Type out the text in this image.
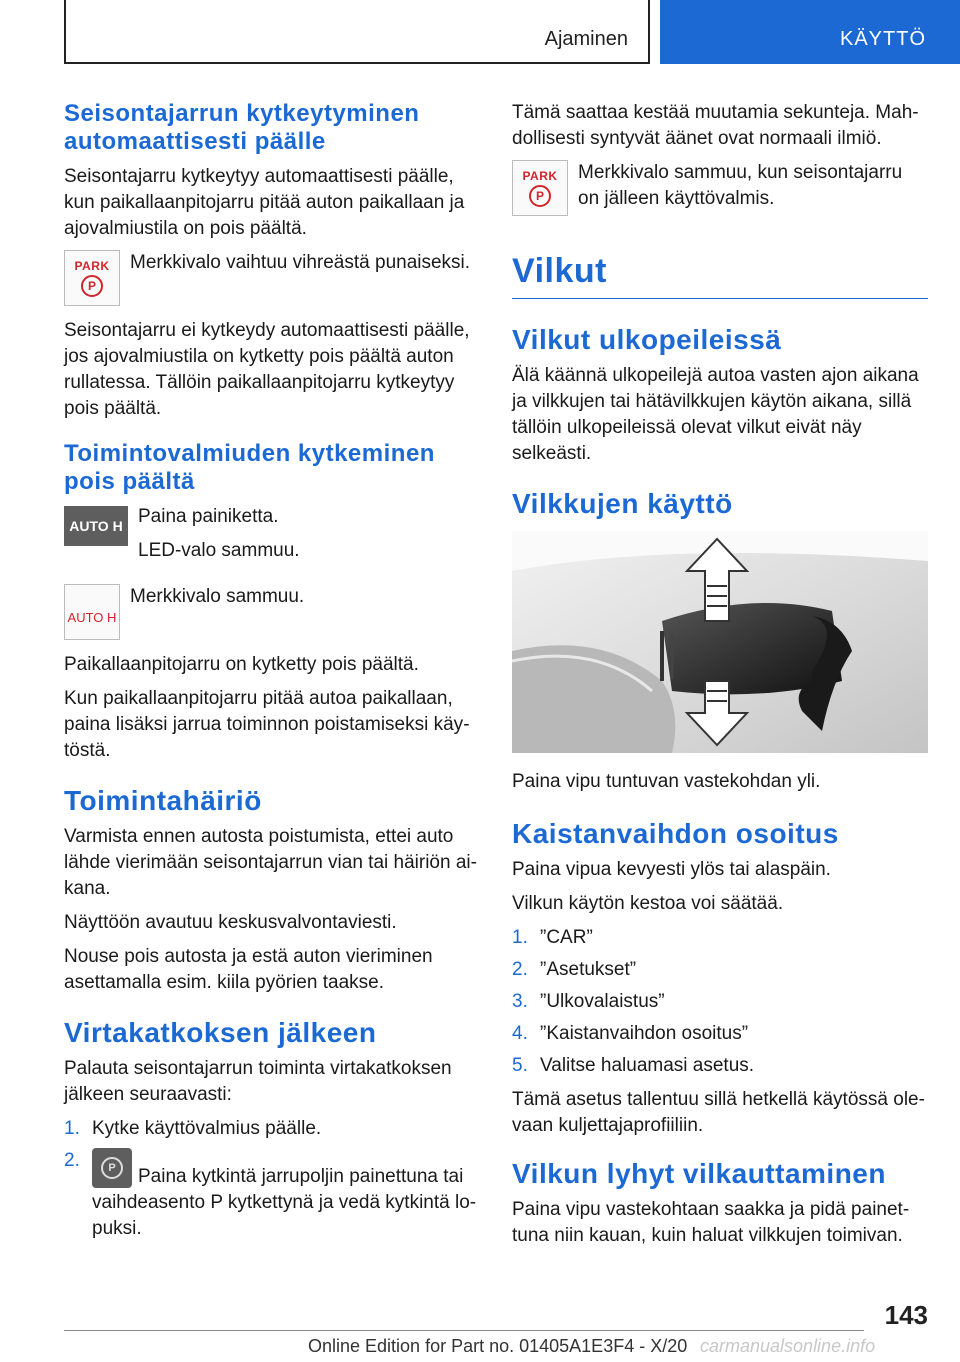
Ajaminen	KÄYTTÖ
Seisontajarrun kytkeytyminen automaattisesti päälle

Seisontajarru kytkeytyy automaattisesti päälle, kun paikallaanpitojarru pitää auton paikallaan ja ajovalmiustila on pois päältä.

PARK
P

Merkkivalo vaihtuu vihreästä punaiseksi.

Seisontajarru ei kytkeydy automaattisesti päälle, jos ajovalmiustila on kytketty pois päältä auton rullatessa. Tällöin paikallaanpitojarru kytkeytyy pois päältä.

Toimintovalmiuden kytkeminen pois päältä
AUTO H Paina painiketta.

LED-valo sammuu.

AUTO H

Merkkivalo sammuu.

Paikallaanpitojarru on kytketty pois päältä.

Kun paikallaanpitojarru pitää autoa paikallaan, paina lisäksi jarrua toiminnon poistamiseksi käytöstä.

Toimintahäiriö

Varmista ennen autosta poistumista, ettei auto lähde vierimään seisontajarrun vian tai häiriön aikana.

Näyttöön avautuu keskusvalvontaviesti.

Nouse pois autosta ja estä auton vieriminen asettamalla esim. kiila pyörien taakse.

Virtakatkoksen jälkeen

Palauta seisontajarrun toiminta virtakatkoksen jälkeen seuraavasti:

1. Kytke käyttövalmius päälle.
2.	P	Paina kytkintä jarrupoljin painettuna tai vaihdeasento P kytkettynä ja vedä kytkintä lopuksi.

Tämä saattaa kestää muutamia sekunteja. Mahdollisesti syntyvät äänet ovat normaali ilmiö.

PARK
P

Merkkivalo sammuu, kun seisontajarru on jälleen käyttövalmis.

Vilkut
Vilkut ulkopeileissä

Älä käännä ulkopeilejä autoa vasten ajon aikana ja vilkkujen tai hätävilkkujen käytön aikana, sillä tällöin ulkopeileissä olevat vilkut eivät näy selkeästi.

Vilkkujen käyttö

Paina vipu tuntuvan vastekohdan yli.

Kaistanvaihdon osoitus

Paina vipua kevyesti ylös tai alaspäin.

Vilkun käytön kestoa voi säätää.

1. ”CAR”
2. ”Asetukset”
3. ”Ulkovalaistus”
4. ”Kaistanvaihdon osoitus”
5. Valitse haluamasi asetus.

Tämä asetus tallentuu sillä hetkellä käytössä olevaan kuljettajaprofiiliin.

Vilkun lyhyt vilkauttaminen

Paina vipu vastekohtaan saakka ja pidä painettuna niin kauan, kuin haluat vilkkujen toimivan.

143
Online Edition for Part no. 01405A1E3F4 - X/20 carmanualsonline.info
